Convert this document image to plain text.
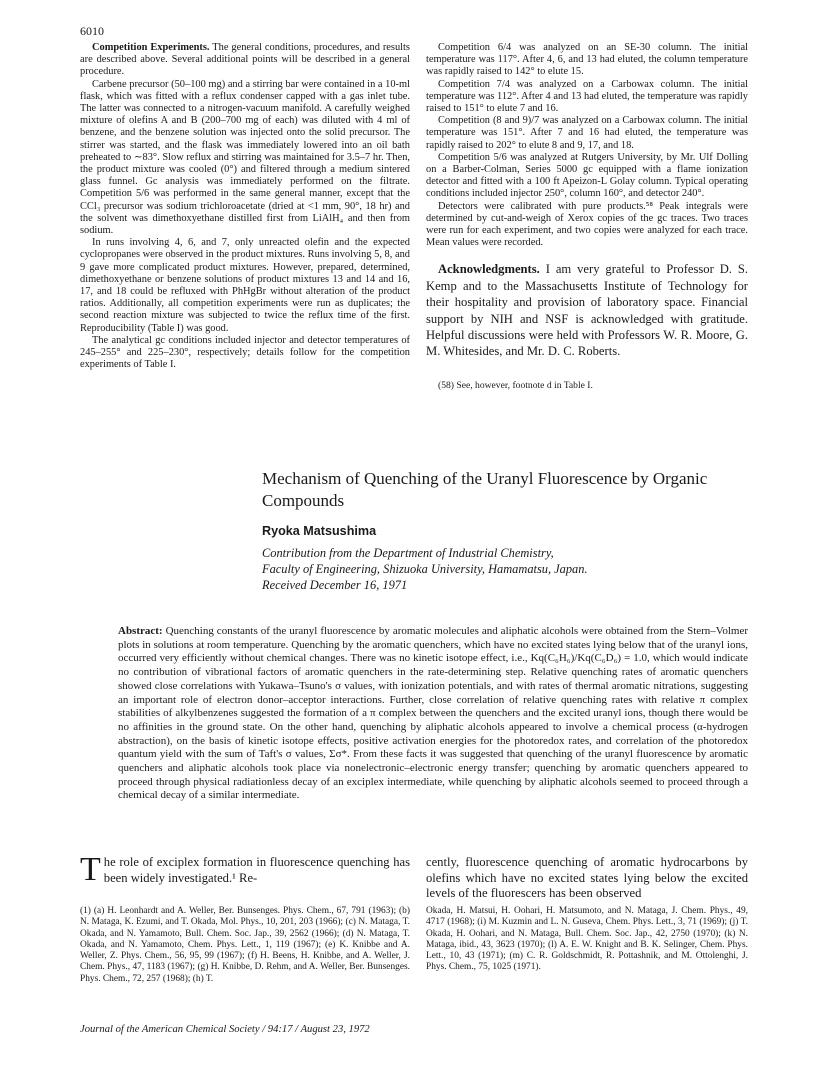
6010

Competition Experiments. The general conditions, procedures, and results are described above. Several additional points will be described in a general procedure.

Carbene precursor (50–100 mg) and a stirring bar were contained in a 10-ml flask, which was fitted with a reflux condenser capped with a gas inlet tube. The latter was connected to a nitrogen-vacuum manifold. A carefully weighed mixture of olefins A and B (200–700 mg of each) was diluted with 4 ml of benzene, and the benzene solution was injected onto the solid precursor. The stirrer was started, and the flask was immediately lowered into an oil bath preheated to ∼83°. Slow reflux and stirring was maintained for 3.5–7 hr. Then, the product mixture was cooled (0°) and filtered through a medium sintered glass funnel. Gc analysis was immediately performed on the filtrate. Competition 5/6 was performed in the same general manner, except that the CCl₃ precursor was sodium trichloroacetate (dried at <1 mm, 90°, 18 hr) and the solvent was dimethoxyethane distilled first from LiAlH₄ and then from sodium.

In runs involving 4, 6, and 7, only unreacted olefin and the expected cyclopropanes were observed in the product mixtures. Runs involving 5, 8, and 9 gave more complicated product mixtures. However, prepared, determined, dimethoxyethane or benzene solutions of product mixtures 13 and 14 and 16, 17, and 18 could be refluxed with PhHgBr without alteration of the product ratios. Additionally, all competition experiments were run as duplicates; the second reaction mixture was subjected to twice the reflux time of the first. Reproducibility (Table I) was good.

The analytical gc conditions included injector and detector temperatures of 245–255° and 225–230°, respectively; details follow for the competition experiments of Table I.

Competition 6/4 was analyzed on an SE-30 column. The initial temperature was 117°. After 4, 6, and 13 had eluted, the column temperature was rapidly raised to 142° to elute 15.

Competition 7/4 was analyzed on a Carbowax column. The initial temperature was 112°. After 4 and 13 had eluted, the temperature was rapidly raised to 151° to elute 7 and 16.

Competition (8 and 9)/7 was analyzed on a Carbowax column. The initial temperature was 151°. After 7 and 16 had eluted, the temperature was rapidly raised to 202° to elute 8 and 9, 17, and 18.

Competition 5/6 was analyzed at Rutgers University, by Mr. Ulf Dolling on a Barber-Colman, Series 5000 gc equipped with a flame ionization detector and fitted with a 100 ft Apeizon-L Golay column. Typical operating conditions included injector 250°, column 160°, and detector 240°.

Detectors were calibrated with pure products.⁵⁸ Peak integrals were determined by cut-and-weigh of Xerox copies of the gc traces. Two traces were run for each experiment, and two copies were analyzed for each trace. Mean values were recorded.

Acknowledgments. I am very grateful to Professor D. S. Kemp and to the Massachusetts Institute of Technology for their hospitality and provision of laboratory space. Financial support by NIH and NSF is acknowledged with gratitude. Helpful discussions were held with Professors W. R. Moore, G. M. Whitesides, and Mr. D. C. Roberts.

(58) See, however, footnote d in Table I.

Mechanism of Quenching of the Uranyl Fluorescence by Organic Compounds
Ryoka Matsushima
Contribution from the Department of Industrial Chemistry,
Faculty of Engineering, Shizuoka University, Hamamatsu, Japan.
Received December 16, 1971
Abstract: Quenching constants of the uranyl fluorescence by aromatic molecules and aliphatic alcohols were obtained from the Stern–Volmer plots in solutions at room temperature. Quenching by the aromatic quenchers, which have no excited states lying below that of the uranyl ions, occurred very efficiently without chemical changes. There was no kinetic isotope effect, i.e., Kq(C₆H₆)/Kq(C₆D₆) = 1.0, which would indicate no contribution of vibrational factors of aromatic quenchers in the rate-determining step. Relative quenching rates of aromatic quenchers showed close correlations with Yukawa–Tsuno's σ values, with ionization potentials, and with rates of thermal aromatic nitrations, suggesting an important role of electron donor–acceptor interactions. Further, close correlation of relative quenching rates with relative π complex stabilities of alkylbenzenes suggested the formation of a π complex between the quenchers and the excited uranyl ions, though there would be no affinities in the ground state. On the other hand, quenching by aliphatic alcohols appeared to involve a chemical process (α-hydrogen abstraction), on the basis of kinetic isotope effects, positive activation energies for the photoredox rates, and correlation of the photoredox quantum yield with the sum of Taft's σ values, Σσ*. From these facts it was suggested that quenching of the uranyl fluorescence by aromatic quenchers and aliphatic alcohols took place via nonelectronic–electronic energy transfer; quenching by aromatic quenchers appeared to proceed through physical radiationless decay of an exciplex intermediate, while quenching by aliphatic alcohols seemed to proceed through a chemical decay of a similar intermediate.
The role of exciplex formation in fluorescence quenching has been widely investigated.¹ Re-
cently, fluorescence quenching of aromatic hydrocarbons by olefins which have no excited states lying below the excited levels of the fluorescers has been observed
(1) (a) H. Leonhardt and A. Weller, Ber. Bunsenges. Phys. Chem., 67, 791 (1963); (b) N. Mataga, K. Ezumi, and T. Okada, Mol. Phys., 10, 201, 203 (1966); (c) N. Mataga, T. Okada, and N. Yamamoto, Bull. Chem. Soc. Jap., 39, 2562 (1966); (d) N. Mataga, T. Okada, and N. Yamamoto, Chem. Phys. Lett., 1, 119 (1967); (e) K. Knibbe and A. Weller, Z. Phys. Chem., 56, 95, 99 (1967); (f) H. Beens, H. Knibbe, and A. Weller, J. Chem. Phys., 47, 1183 (1967); (g) H. Knibbe, D. Rehm, and A. Weller, Ber. Bunsenges. Phys. Chem., 72, 257 (1968); (h) T.
Okada, H. Matsui, H. Oohari, H. Matsumoto, and N. Mataga, J. Chem. Phys., 49, 4717 (1968); (i) M. Kuzmin and L. N. Guseva, Chem. Phys. Lett., 3, 71 (1969); (j) T. Okada, H. Oohari, and N. Mataga, Bull. Chem. Soc. Jap., 42, 2750 (1970); (k) N. Mataga, ibid., 43, 3623 (1970); (l) A. E. W. Knight and B. K. Selinger, Chem. Phys. Lett., 10, 43 (1971); (m) C. R. Goldschmidt, R. Pottashnik, and M. Ottolenghi, J. Phys. Chem., 75, 1025 (1971).
Journal of the American Chemical Society / 94:17 / August 23, 1972
